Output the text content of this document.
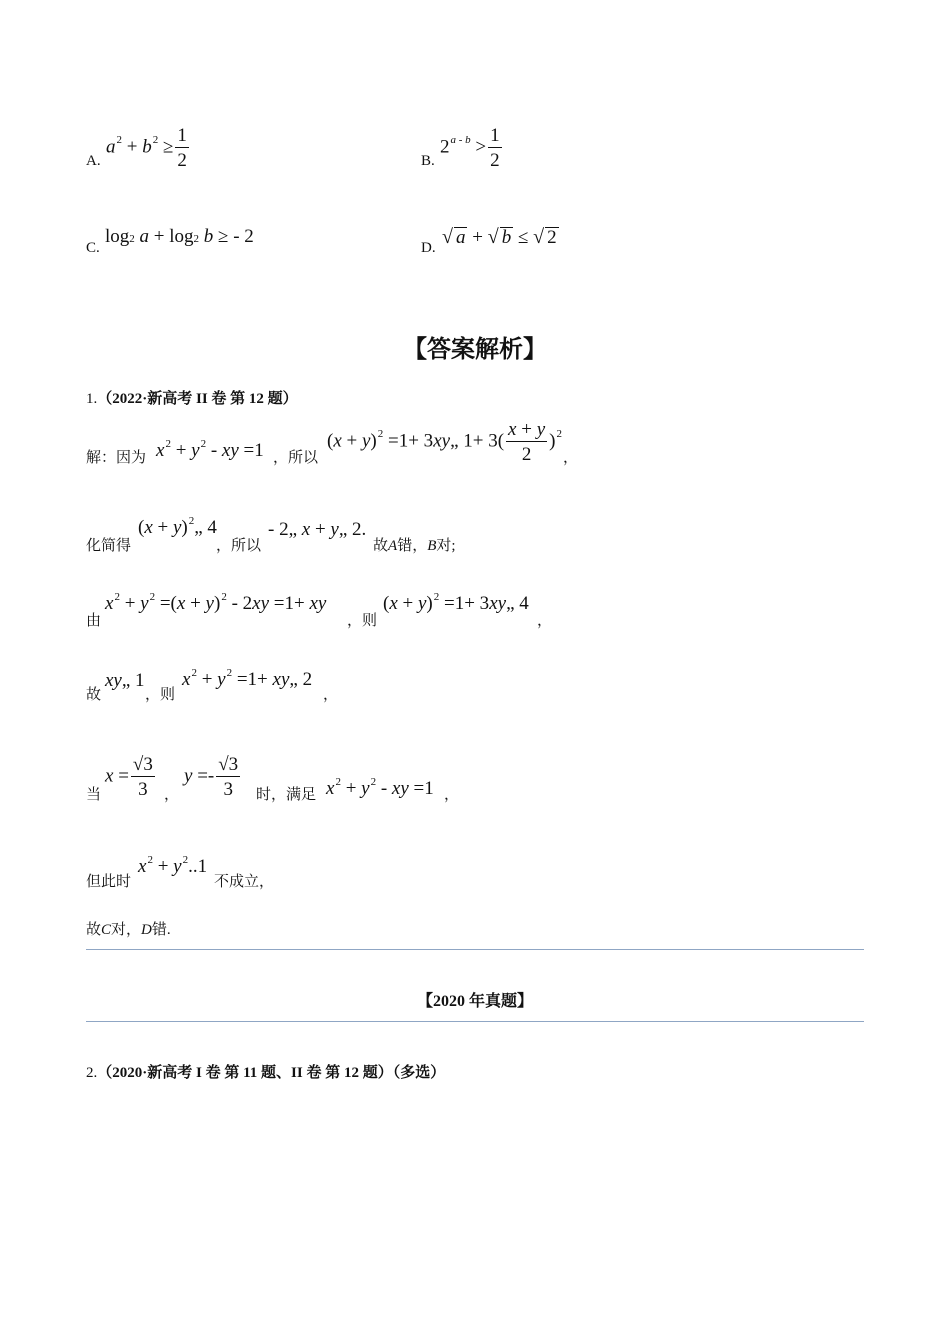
A.
$a^2 + b^2 \ge \frac{1}{2}$	B.
$2^{a - b} > \frac{1}{2}$
C.
log2 a + log2 b ≥ - 2
D. √ a + √ b ≤ √ 2
【答案解析】
1.（2022·新高考 II 卷 第 12 题）
解：因为 $x^2 + y^2$ - xy =1 ，所以
$(x + y)^2 =1+$ 3xy„ $1+ 3( \frac{x + y}{2} )^2$
，
化简得
$(x + y)^2„$ 4
，所以
- 2„ x + y„ 2.
故A错，B对;
由
$x^2 + y^2 =(x + y)^2 - 2xy =1+$ xy
，则
$(x + y)^2 =1+$ 3xy„ 4
，
故
xy„ 1
，则
$x^2 + y^2 =1+$ xy„ 2
，
当
$x = \frac{√3}{3}$ ，
$y =- \frac{√3}{3}$ 时，满足 $x^2 + y^2$ - xy =1 ，
但此时
$x^2 + y^2..1$
不成立，
故C对，D错.
【2020 年真题】
2.（2020·新高考 I 卷 第 11 题、II 卷 第 12 题）（多选）
